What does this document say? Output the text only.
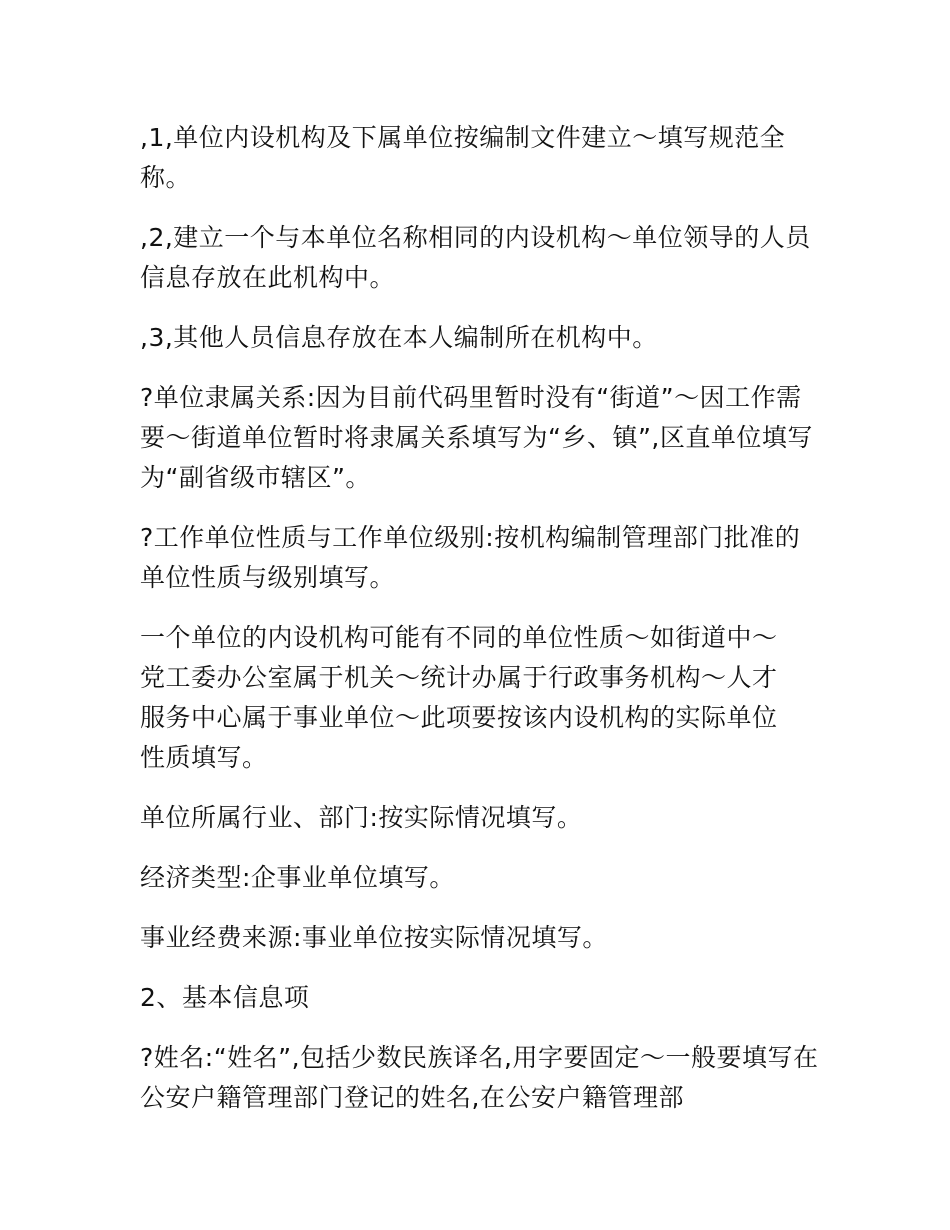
,1,单位内设机构及下属单位按编制文件建立～填写规范全称。

,2,建立一个与本单位名称相同的内设机构～单位领导的人员信息存放在此机构中。

,3,其他人员信息存放在本人编制所在机构中。

?单位隶属关系:因为目前代码里暂时没有“街道”～因工作需要～街道单位暂时将隶属关系填写为“乡、镇”,区直单位填写为“副省级市辖区”。

?工作单位性质与工作单位级别:按机构编制管理部门批准的单位性质与级别填写。

一个单位的内设机构可能有不同的单位性质～如街道中～党工委办公室属于机关～统计办属于行政事务机构～人才服务中心属于事业单位～此项要按该内设机构的实际单位性质填写。

单位所属行业、部门:按实际情况填写。

经济类型:企事业单位填写。

事业经费来源:事业单位按实际情况填写。

2、基本信息项

?姓名:“姓名”,包括少数民族译名,用字要固定～一般要填写在公安户籍管理部门登记的姓名,在公安户籍管理部
